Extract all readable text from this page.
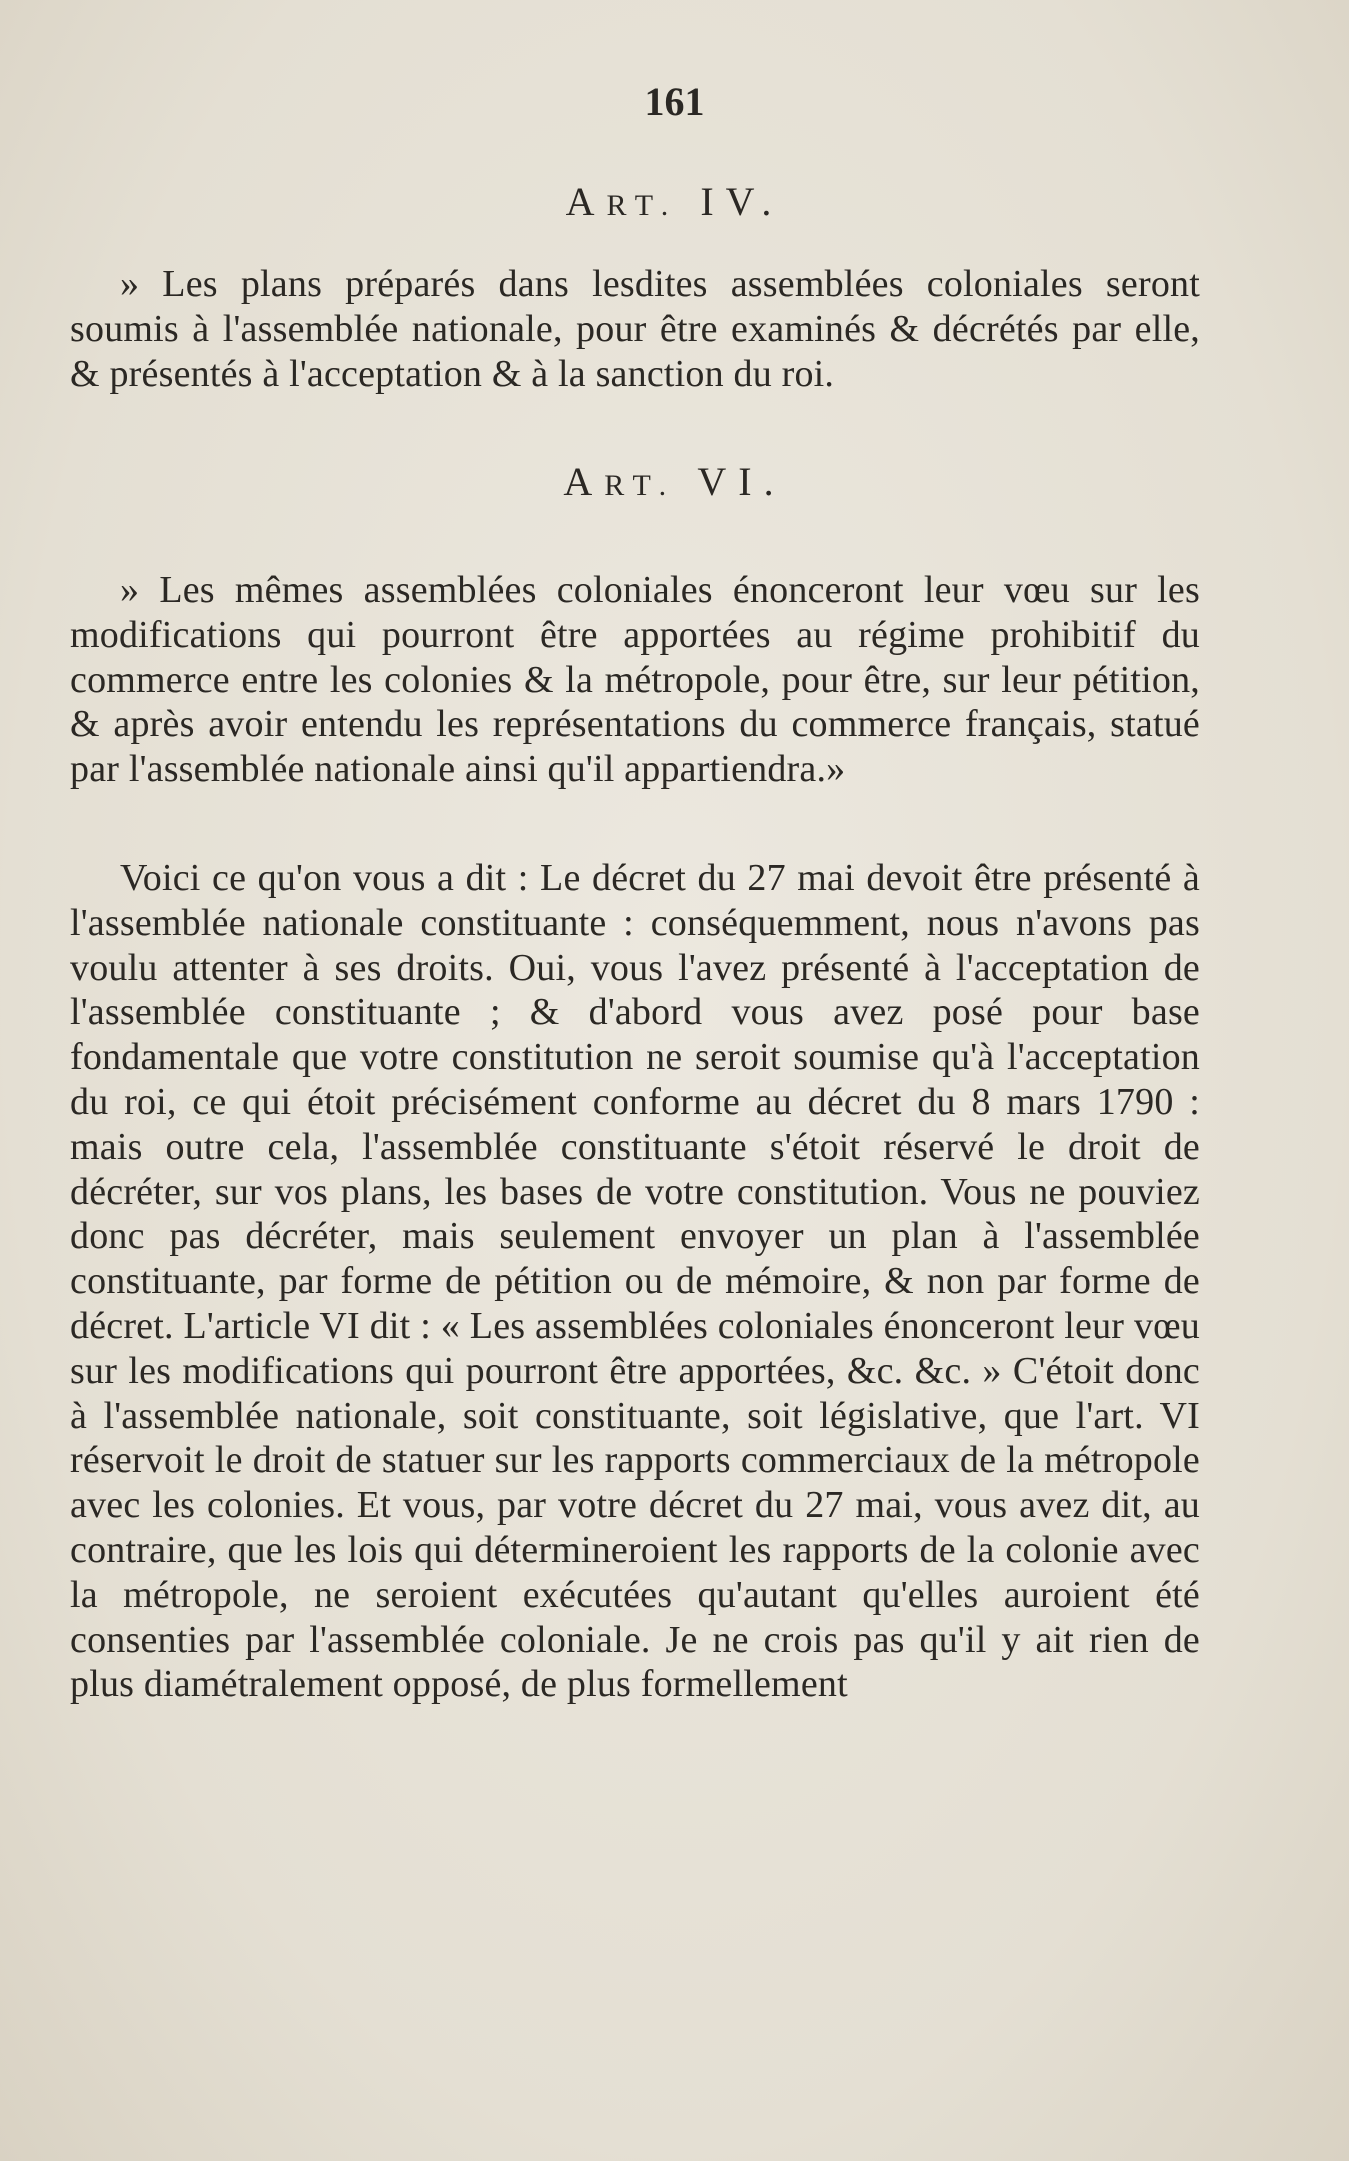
161
ART. IV.

» Les plans préparés dans lesdites assemblées coloniales seront soumis à l'assemblée nationale, pour être examinés & décrétés par elle, & présentés à l'acceptation & à la sanction du roi.

ART. VI.

» Les mêmes assemblées coloniales énonceront leur vœu sur les modifications qui pourront être apportées au régime prohibitif du commerce entre les colonies & la métropole, pour être, sur leur pétition, & après avoir entendu les représentations du commerce français, statué par l'assemblée nationale ainsi qu'il appartiendra.»

Voici ce qu'on vous a dit : Le décret du 27 mai devoit être présenté à l'assemblée nationale constituante : conséquemment, nous n'avons pas voulu attenter à ses droits. Oui, vous l'avez présenté à l'acceptation de l'assemblée constituante ; & d'abord vous avez posé pour base fondamentale que votre constitution ne seroit soumise qu'à l'acceptation du roi, ce qui étoit précisément conforme au décret du 8 mars 1790 : mais outre cela, l'assemblée constituante s'étoit réservé le droit de décréter, sur vos plans, les bases de votre constitution. Vous ne pouviez donc pas décréter, mais seulement envoyer un plan à l'assemblée constituante, par forme de pétition ou de mémoire, & non par forme de décret. L'article VI dit : « Les assemblées coloniales énonceront leur vœu sur les modifications qui pourront être apportées, &c. &c. » C'étoit donc à l'assemblée nationale, soit constituante, soit législative, que l'art. VI réservoit le droit de statuer sur les rapports commerciaux de la métropole avec les colonies. Et vous, par votre décret du 27 mai, vous avez dit, au contraire, que les lois qui détermineroient les rapports de la colonie avec la métropole, ne seroient exécutées qu'autant qu'elles auroient été consenties par l'assemblée coloniale. Je ne crois pas qu'il y ait rien de plus diamétralement opposé, de plus formellement
